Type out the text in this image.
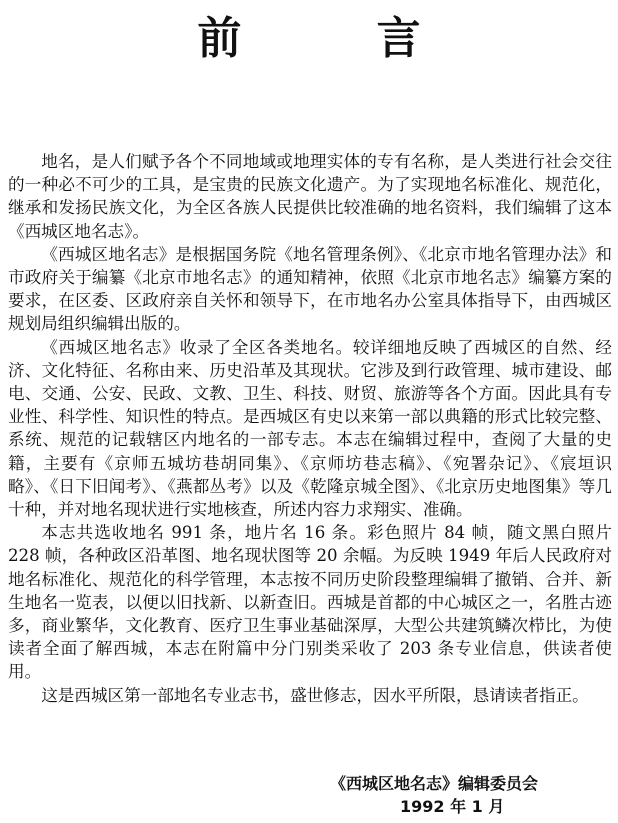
前 言

地名，是人们赋予各个不同地域或地理实体的专有名称，是人类进行社会交往的一种必不可少的工具，是宝贵的民族文化遗产。为了实现地名标准化、规范化，继承和发扬民族文化，为全区各族人民提供比较准确的地名资料，我们编辑了这本《西城区地名志》。

《西城区地名志》是根据国务院《地名管理条例》、《北京市地名管理办法》和市政府关于编纂《北京市地名志》的通知精神，依照《北京市地名志》编纂方案的要求，在区委、区政府亲自关怀和领导下，在市地名办公室具体指导下，由西城区规划局组织编辑出版的。

《西城区地名志》收录了全区各类地名。较详细地反映了西城区的自然、经济、文化特征、名称由来、历史沿革及其现状。它涉及到行政管理、城市建设、邮电、交通、公安、民政、文教、卫生、科技、财贸、旅游等各个方面。因此具有专业性、科学性、知识性的特点。是西城区有史以来第一部以典籍的形式比较完整、系统、规范的记载辖区内地名的一部专志。本志在编辑过程中，查阅了大量的史籍，主要有《京师五城坊巷胡同集》、《京师坊巷志稿》、《宛署杂记》、《宸垣识略》、《日下旧闻考》、《燕都丛考》以及《乾隆京城全图》、《北京历史地图集》等几十种，并对地名现状进行实地核查，所述内容力求翔实、准确。

本志共选收地名 991 条，地片名 16 条。彩色照片 84 帧，随文黑白照片 228 帧，各种政区沿革图、地名现状图等 20 余幅。为反映 1949 年后人民政府对地名标准化、规范化的科学管理，本志按不同历史阶段整理编辑了撤销、合并、新生地名一览表，以便以旧找新、以新查旧。西城是首都的中心城区之一，名胜古迹多，商业繁华，文化教育、医疗卫生事业基础深厚，大型公共建筑鳞次栉比，为使读者全面了解西城，本志在附篇中分门别类采收了 203 条专业信息，供读者使用。

这是西城区第一部地名专业志书，盛世修志，因水平所限，恳请读者指正。

《西城区地名志》编辑委员会
1992 年 1 月
